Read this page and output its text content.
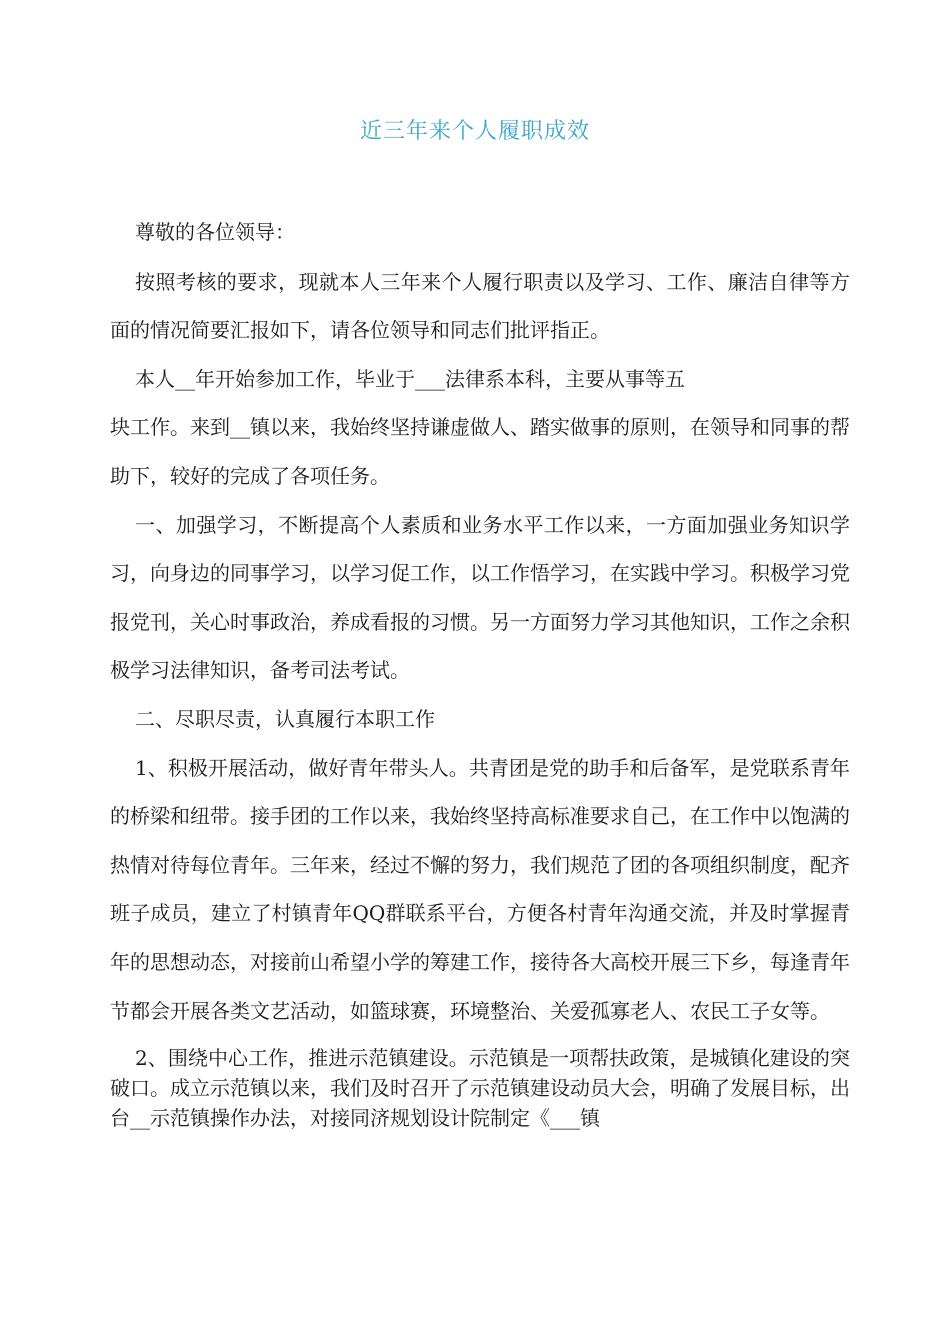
近三年来个人履职成效

尊敬的各位领导：

按照考核的要求，现就本人三年来个人履行职责以及学习、工作、廉洁自律等方面的情况简要汇报如下，请各位领导和同志们批评指正。

本人__年开始参加工作，毕业于___法律系本科，主要从事等五

块工作。来到__镇以来，我始终坚持谦虚做人、踏实做事的原则，在领导和同事的帮助下，较好的完成了各项任务。

一、加强学习，不断提高个人素质和业务水平工作以来，一方面加强业务知识学习，向身边的同事学习，以学习促工作，以工作悟学习，在实践中学习。积极学习党报党刊，关心时事政治，养成看报的习惯。另一方面努力学习其他知识，工作之余积极学习法律知识，备考司法考试。

二、尽职尽责，认真履行本职工作

1、积极开展活动，做好青年带头人。共青团是党的助手和后备军，是党联系青年的桥梁和纽带。接手团的工作以来，我始终坚持高标准要求自己，在工作中以饱满的热情对待每位青年。三年来，经过不懈的努力，我们规范了团的各项组织制度，配齐班子成员，建立了村镇青年QQ群联系平台，方便各村青年沟通交流，并及时掌握青年的思想动态，对接前山希望小学的筹建工作，接待各大高校开展三下乡，每逢青年节都会开展各类文艺活动，如篮球赛，环境整治、关爱孤寡老人、农民工子女等。

2、围绕中心工作，推进示范镇建设。示范镇是一项帮扶政策，是城镇化建设的突破口。成立示范镇以来，我们及时召开了示范镇建设动员大会，明确了发展目标，出台__示范镇操作办法，对接同济规划设计院制定《___镇
